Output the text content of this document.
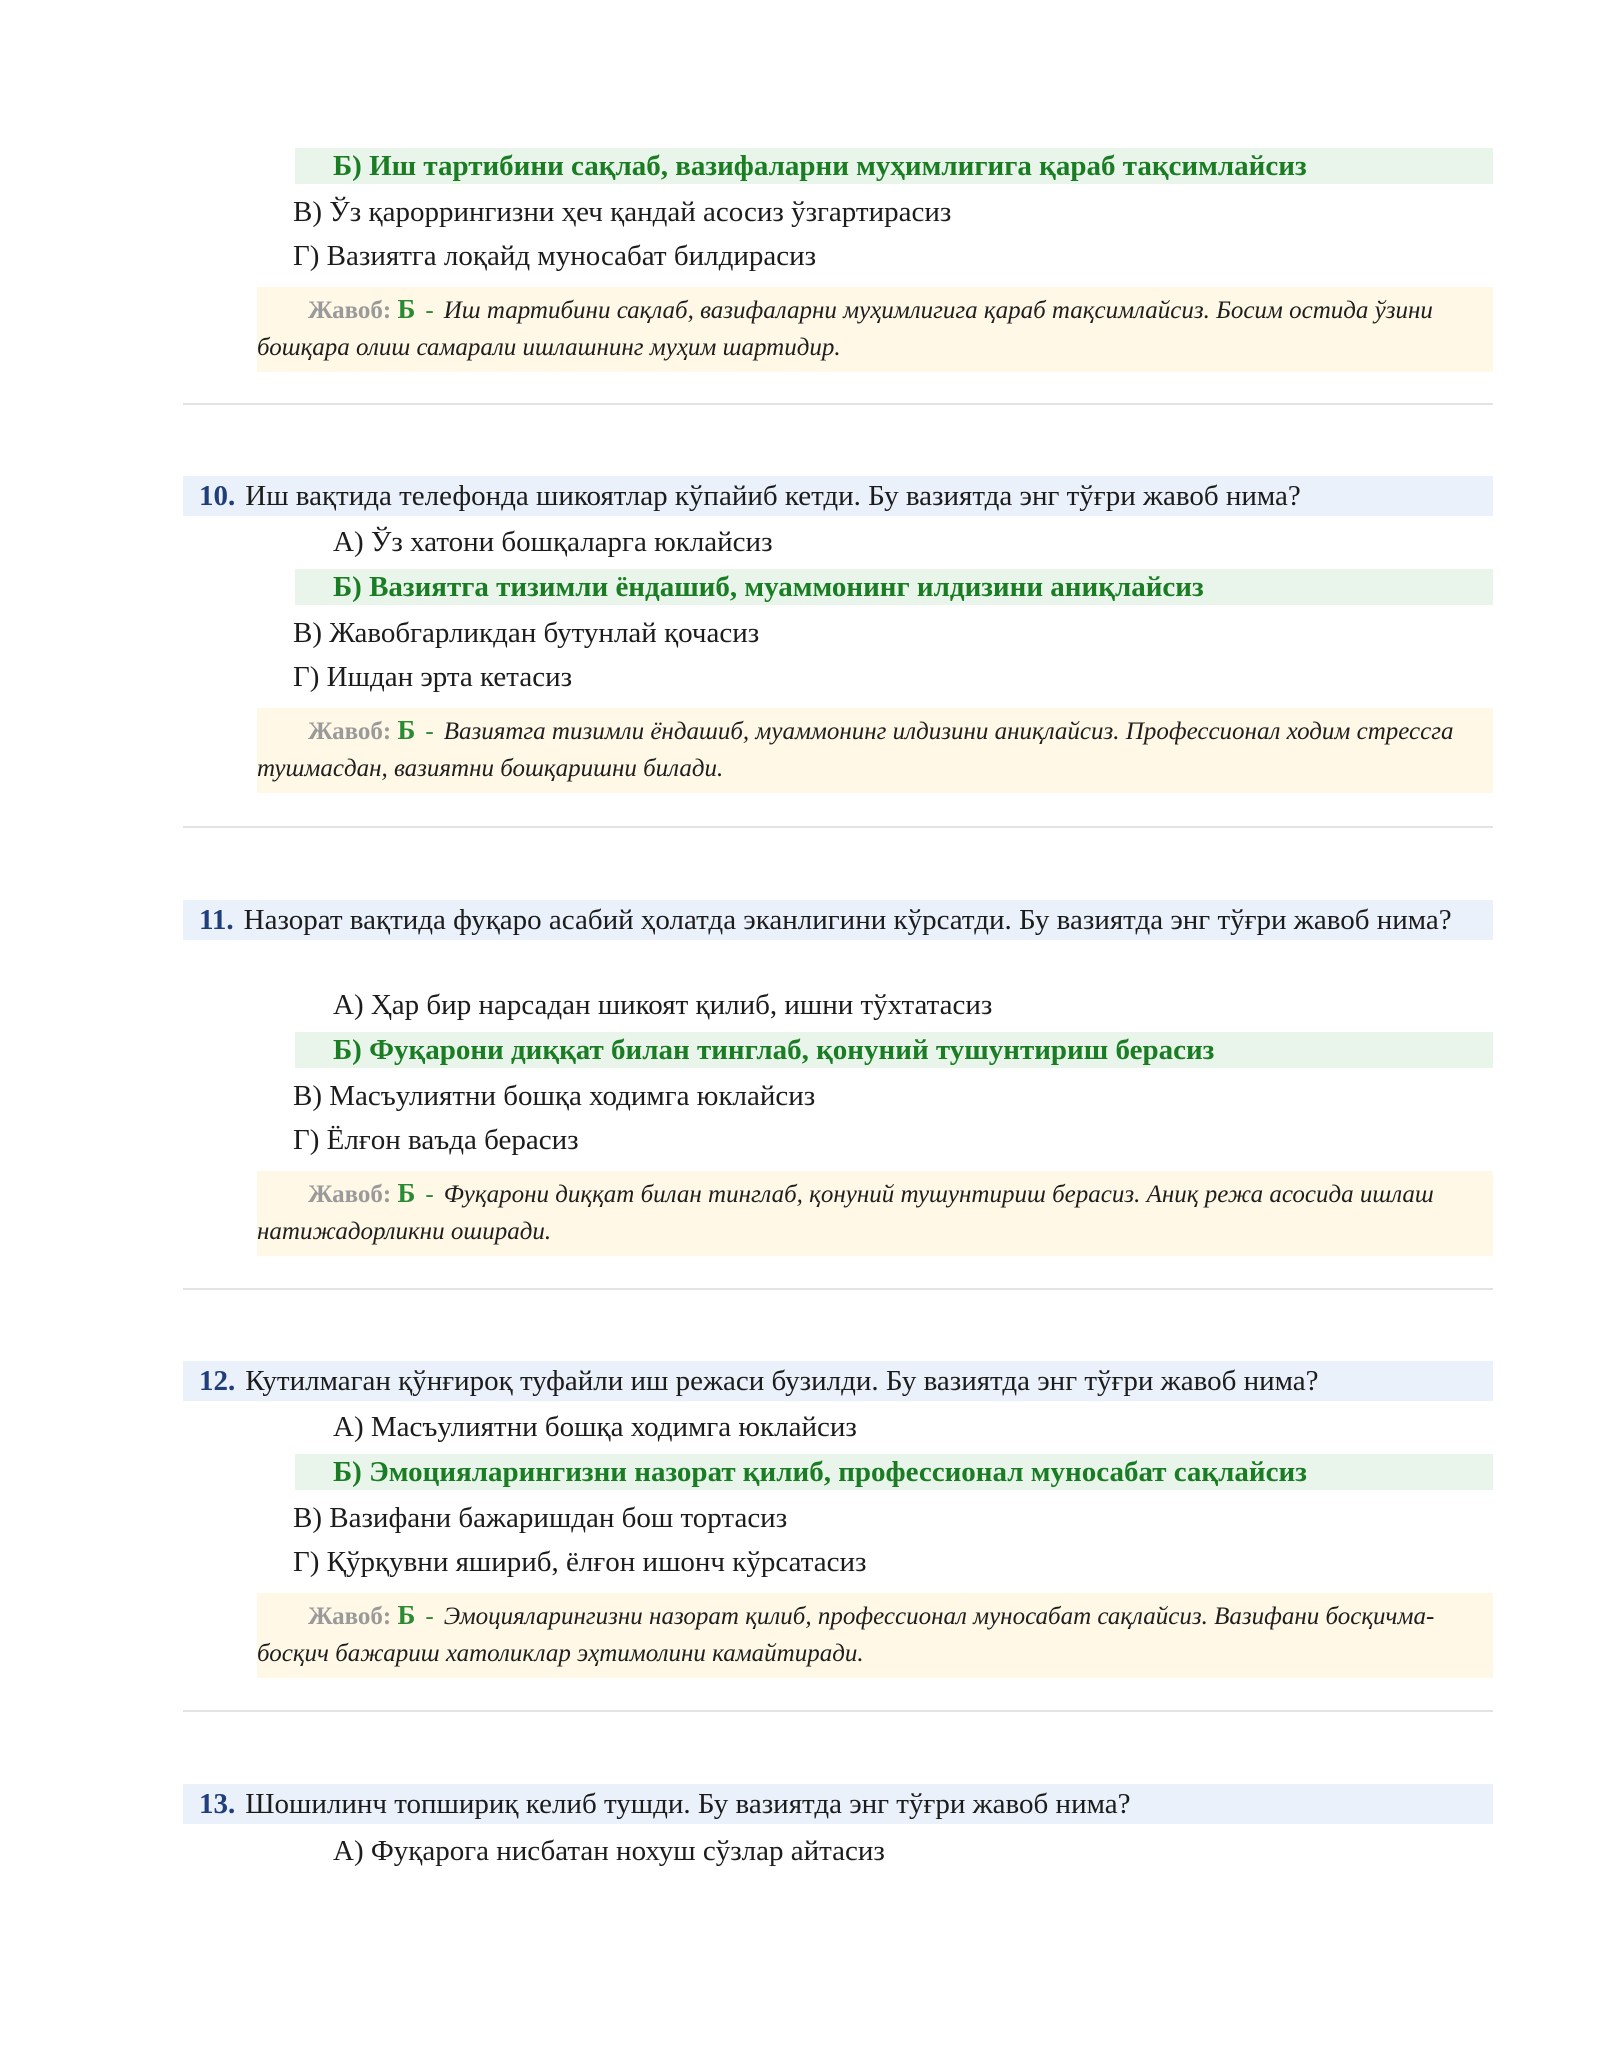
Б) Иш тартибини сақлаб, вазифаларни муҳимлигига қараб тақсимлайсиз
В) Ўз қароррингизни ҳеч қандай асосиз ўзгартирасиз
Г) Вазиятга лоқайд муносабат билдирасиз
Жавоб: Б - Иш тартибини сақлаб, вазифаларни муҳимлигига қараб тақсимлайсиз. Босим остида ўзини бошқара олиш самарали ишлашнинг муҳим шартидир.
10. Иш вақтида телефонда шикоятлар кўпайиб кетди. Бу вазиятда энг тўғри жавоб нима?
А) Ўз хатони бошқаларга юклайсиз
Б) Вазиятга тизимли ёндашиб, муаммонинг илдизини аниқлайсиз
В) Жавобгарликдан бутунлай қочасиз
Г) Ишдан эрта кетасиз
Жавоб: Б - Вазиятга тизимли ёндашиб, муаммонинг илдизини аниқлайсиз. Профессионал ходим стрессга тушмасдан, вазиятни бошқаришни билади.
11. Назорат вақтида фуқаро асабий ҳолатда эканлигини кўрсатди. Бу вазиятда энг тўғри жавоб нима?
А) Ҳар бир нарсадан шикоят қилиб, ишни тўхтатасиз
Б) Фуқарони диққат билан тинглаб, қонуний тушунтириш берасиз
В) Масъулиятни бошқа ходимга юклайсиз
Г) Ёлғон ваъда берасиз
Жавоб: Б - Фуқарони диққат билан тинглаб, қонуний тушунтириш берасиз. Аниқ режа асосида ишлаш натижадорликни оширади.
12. Кутилмаган қўнғироқ туфайли иш режаси бузилди. Бу вазиятда энг тўғри жавоб нима?
А) Масъулиятни бошқа ходимга юклайсиз
Б) Эмоцияларингизни назорат қилиб, профессионал муносабат сақлайсиз
В) Вазифани бажаришдан бош тортасиз
Г) Қўрқувни яшириб, ёлғон ишонч кўрсатасиз
Жавоб: Б - Эмоцияларингизни назорат қилиб, профессионал муносабат сақлайсиз. Вазифани босқичма-босқич бажариш хатоликлар эҳтимолини камайтиради.
13. Шошилинч топшириқ келиб тушди. Бу вазиятда энг тўғри жавоб нима?
А) Фуқарога нисбатан нохуш сўзлар айтасиз
